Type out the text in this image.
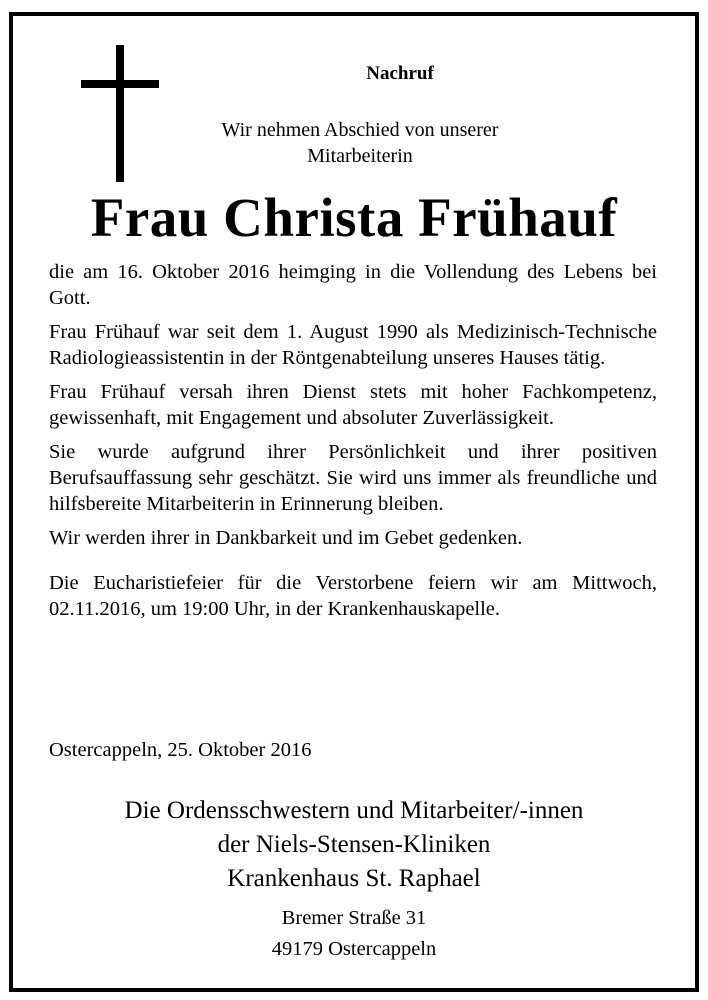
Nachruf
Wir nehmen Abschied von unserer
Mitarbeiterin
Frau Christa Frühauf

die am 16. Oktober 2016 heimging in die Vollendung des Lebens bei Gott.

Frau Frühauf war seit dem 1. August 1990 als Medizinisch-Technische Radiologieassistentin in der Röntgenabteilung unseres Hauses tätig.

Frau Frühauf versah ihren Dienst stets mit hoher Fachkompetenz, gewissenhaft, mit Engagement und absoluter Zuverlässigkeit.

Sie wurde aufgrund ihrer Persönlichkeit und ihrer positiven Berufsauffassung sehr geschätzt. Sie wird uns immer als freundliche und hilfsbereite Mitarbeiterin in Erinnerung bleiben.

Wir werden ihrer in Dankbarkeit und im Gebet gedenken.

Die Eucharistiefeier für die Verstorbene feiern wir am Mittwoch, 02.11.2016, um 19:00 Uhr, in der Krankenhauskapelle.

Ostercappeln, 25. Oktober 2016
Die Ordensschwestern und Mitarbeiter/-innen
der Niels-Stensen-Kliniken
Krankenhaus St. Raphael
Bremer Straße 31
49179 Ostercappeln
